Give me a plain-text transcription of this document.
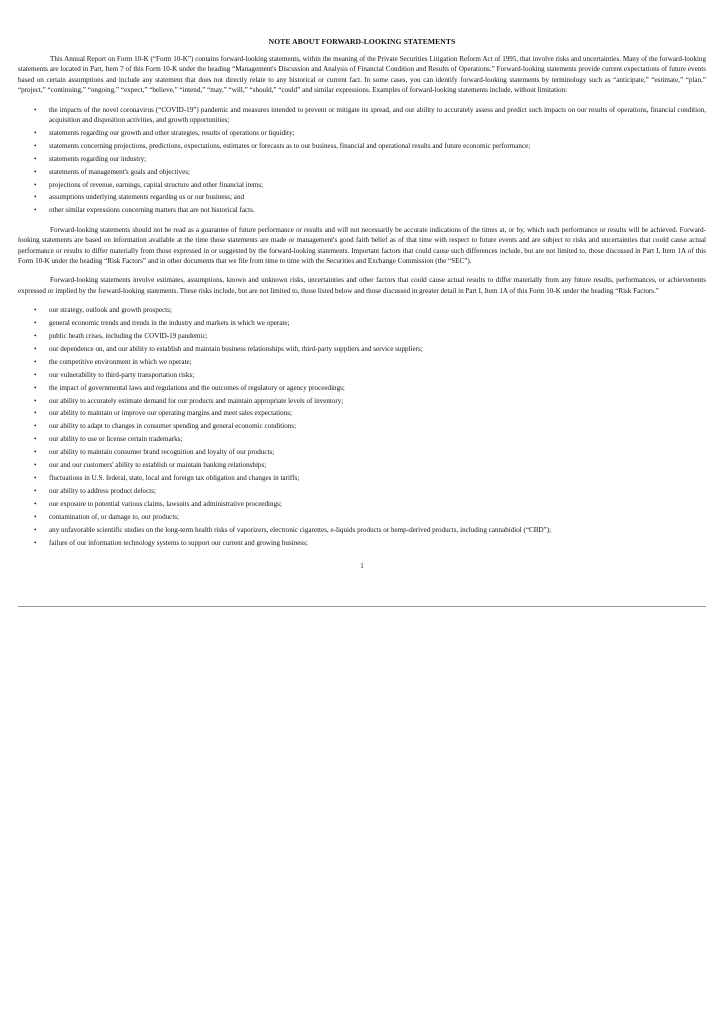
NOTE ABOUT FORWARD-LOOKING STATEMENTS

This Annual Report on Form 10-K (“Form 10-K”) contains forward-looking statements, within the meaning of the Private Securities Litigation Reform Act of 1995, that involve risks and uncertainties. Many of the forward-looking statements are located in Part, Item 7 of this Form 10-K under the heading “Management's Discussion and Analysis of Financial Condition and Results of Operations.” Forward-looking statements provide current expectations of future events based on certain assumptions and include any statement that does not directly relate to any historical or current fact. In some cases, you can identify forward-looking statements by terminology such as “anticipate,” “estimate,” “plan,” “project,” “continuing,” “ongoing,” “expect,” “believe,” “intend,” “may,” “will,” “should,” “could” and similar expressions. Examples of forward-looking statements include, without limitation:

• the impacts of the novel coronavirus (“COVID-19”) pandemic and measures intended to prevent or mitigate its spread, and our ability to accurately assess and predict such impacts on our results of operations, financial condition, acquisition and disposition activities, and growth opportunities;
• statements regarding our growth and other strategies, results of operations or liquidity;
• statements concerning projections, predictions, expectations, estimates or forecasts as to our business, financial and operational results and future economic performance;
• statements regarding our industry;
• statements of management's goals and objectives;
• projections of revenue, earnings, capital structure and other financial items;
• assumptions underlying statements regarding us or our business; and
• other similar expressions concerning matters that are not historical facts.

Forward-looking statements should not be read as a guarantee of future performance or results and will not necessarily be accurate indications of the times at, or by, which such performance or results will be achieved. Forward-looking statements are based on information available at the time those statements are made or management's good faith belief as of that time with respect to future events and are subject to risks and uncertainties that could cause actual performance or results to differ materially from those expressed in or suggested by the forward-looking statements. Important factors that could cause such differences include, but are not limited to, those discussed in Part I, Item 1A of this Form 10-K under the heading “Risk Factors” and in other documents that we file from time to time with the Securities and Exchange Commission (the “SEC”).

Forward-looking statements involve estimates, assumptions, known and unknown risks, uncertainties and other factors that could cause actual results to differ materially from any future results, performances, or achievements expressed or implied by the forward-looking statements. These risks include, but are not limited to, those listed below and those discussed in greater detail in Part I, Item 1A of this Form 10-K under the heading “Risk Factors.”

• our strategy, outlook and growth prospects;
• general economic trends and trends in the industry and markets in which we operate;
• public heath crises, including the COVID-19 pandemic;
• our dependence on, and our ability to establish and maintain business relationships with, third-party suppliers and service suppliers;
• the competitive environment in which we operate;
• our vulnerability to third-party transportation risks;
• the impact of governmental laws and regulations and the outcomes of regulatory or agency proceedings;
• our ability to accurately estimate demand for our products and maintain appropriate levels of inventory;
• our ability to maintain or improve our operating margins and meet sales expectations;
• our ability to adapt to changes in consumer spending and general economic conditions;
• our ability to use or license certain trademarks;
• our ability to maintain consumer brand recognition and loyalty of our products;
• our and our customers' ability to establish or maintain banking relationships;
• fluctuations in U.S. federal, state, local and foreign tax obligation and changes in tariffs;
• our ability to address product defects;
• our exposure to potential various claims, lawsuits and administrative proceedings;
• contamination of, or damage to, our products;
• any unfavorable scientific studies on the long-term health risks of vaporizers, electronic cigarettes, e-liquids products or hemp-derived products, including cannabidiol (“CBD”);
• failure of our information technology systems to support our current and growing business;
1
